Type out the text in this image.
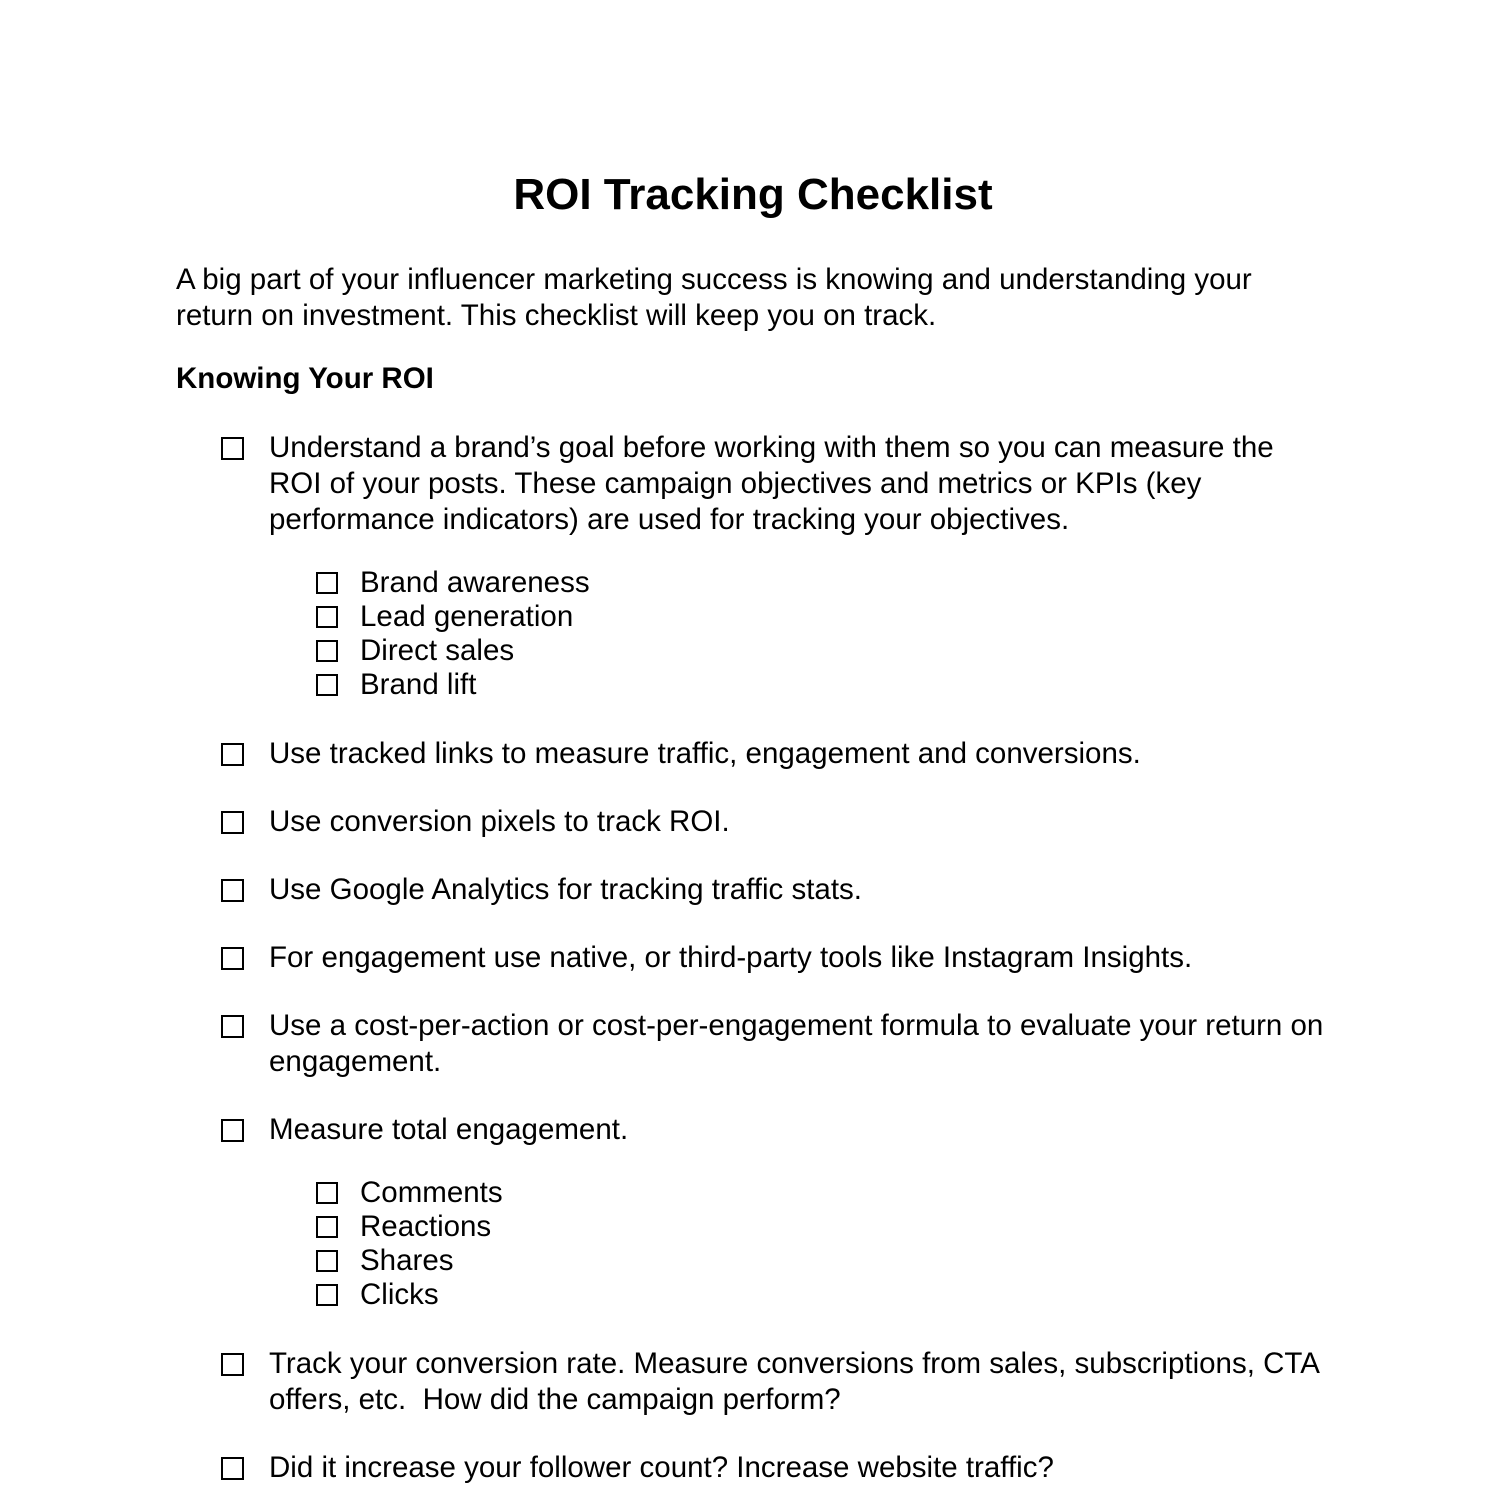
ROI Tracking Checklist

A big part of your influencer marketing success is knowing and understanding your return on investment. This checklist will keep you on track.

Knowing Your ROI
Understand a brand’s goal before working with them so you can measure the ROI of your posts. These campaign objectives and metrics or KPIs (key performance indicators) are used for tracking your objectives.
Brand awareness
Lead generation
Direct sales
Brand lift
Use tracked links to measure traffic, engagement and conversions.
Use conversion pixels to track ROI.
Use Google Analytics for tracking traffic stats.
For engagement use native, or third-party tools like Instagram Insights.
Use a cost-per-action or cost-per-engagement formula to evaluate your return on engagement.
Measure total engagement.
Comments
Reactions
Shares
Clicks
Track your conversion rate. Measure conversions from sales, subscriptions, CTA offers, etc.  How did the campaign perform?
Did it increase your follower count? Increase website traffic?
